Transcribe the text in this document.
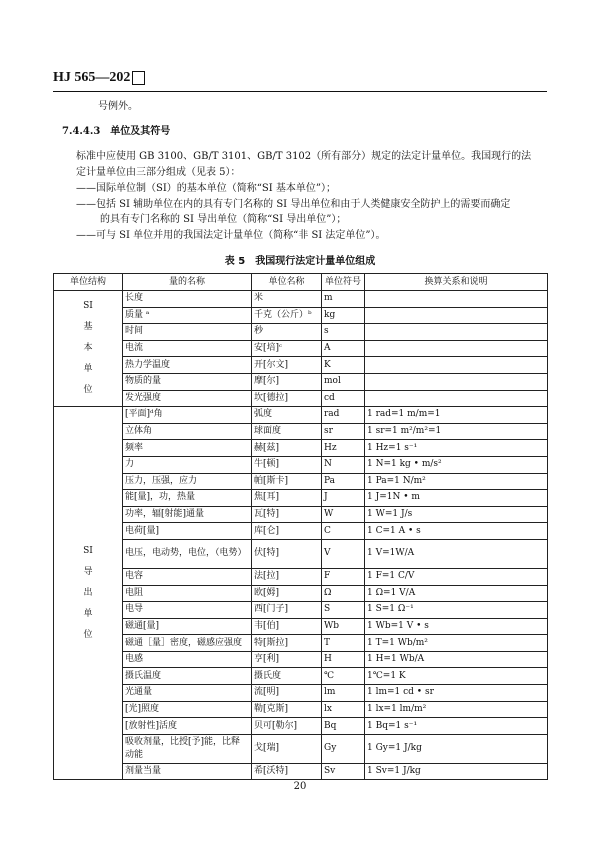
HJ 565—202
号例外。
7.4.4.3　 单位及其符号
标准中应使用 GB 3100、GB/T 3101、GB/T 3102（所有部分）规定的法定计量单位。我国现行的法
定计量单位由三部分组成（见表 5）：
——国际单位制（SI）的基本单位（简称“SI 基本单位”）；
——包括 SI 辅助单位在内的具有专门名称的 SI 导出单位和由于人类健康安全防护上的需要而确定
的具有专门名称的 SI 导出单位（简称“SI 导出单位”）；
——可与 SI 单位并用的我国法定计量单位（简称“非 SI 法定单位”）。
表 5　我国现行法定计量单位组成
单位结构	量的名称	单位名称	单位符号	换算关系和说明
SI
基
本
单
位	长度	米	m	
	质量 ᵃ	千克（公斤）ᵇ	kg	
	时间	秒	s	
	电流	安[培]ᶜ	A	
	热力学温度	开[尔文]	K	
	物质的量	摩[尔]	mol	
	发光强度	坎[德拉]	cd	
SI
导
出
单
位	[平面]ᵈ角	弧度	rad	1 rad=1 m/m=1
	立体角	球面度	sr	1 sr=1 m²/m²=1
	频率	赫[兹]	Hz	1 Hz=1 s⁻¹
	力	牛[顿]	N	1 N=1 kg • m/s²
	压力，压强，应力	帕[斯卡]	Pa	1 Pa=1 N/m²
	能[量]，功，热量	焦[耳]	J	1 J=1N • m
	功率，辐[射能]通量	瓦[特]	W	1 W=1 J/s
	电荷[量]	库[仑]	C	1 C=1 A • s
	电压，电动势，电位，（电势）	伏[特]	V	1 V=1W/A
	电容	法[拉]	F	1 F=1 C/V
	电阻	欧[姆]	Ω	1 Ω=1 V/A
	电导	西[门子]	S	1 S=1 Ω⁻¹
	磁通[量]	韦[伯]	Wb	1 Wb=1 V • s
	磁通［量］密度，磁感应强度	特[斯拉]	T	1 T=1 Wb/m²
	电感	亨[利]	H	1 H=1 Wb/A
	摄氏温度	摄氏度	℃	1℃=1 K
	光通量	流[明]	lm	1 lm=1 cd • sr
	[光]照度	勒[克斯]	lx	1 lx=1 lm/m²
	[放射性]活度	贝可[勒尔]	Bq	1 Bq=1 s⁻¹
	吸收剂量，比授[予]能，比释动能	戈[瑞]	Gy	1 Gy=1 J/kg
	剂量当量	希[沃特]	Sv	1 Sv=1 J/kg
20
